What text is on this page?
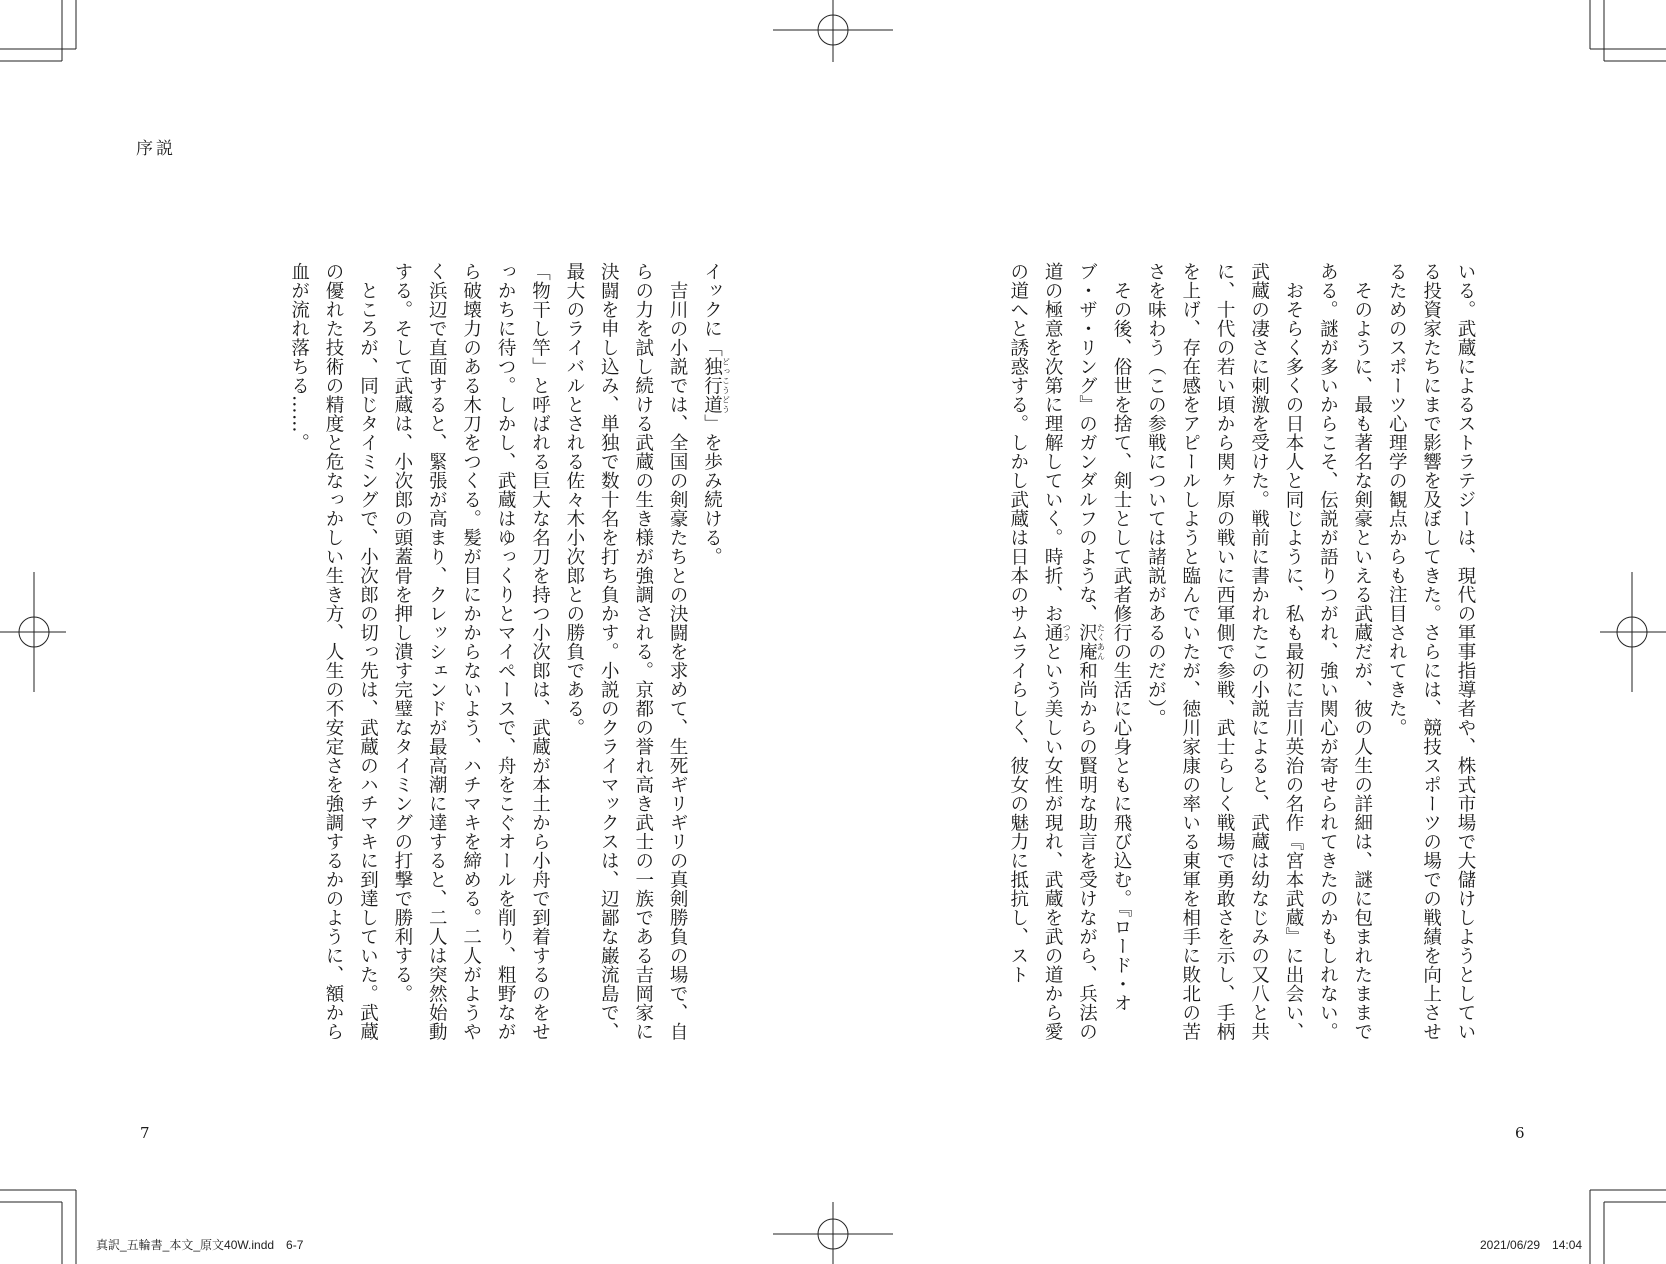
序説

いる。武蔵によるストラテジーは、現代の軍事指導者や、株式市場で大儲けしようとしている投資家たちにまで影響を及ぼしてきた。さらには、競技スポーツの場での戦績を向上させるためのスポーツ心理学の観点からも注目されてきた。

　そのように、最も著名な剣豪といえる武蔵だが、彼の人生の詳細は、謎に包まれたままである。謎が多いからこそ、伝説が語りつがれ、強い関心が寄せられてきたのかもしれない。

　おそらく多くの日本人と同じように、私も最初に吉川英治の名作『宮本武蔵』に出会い、武蔵の凄さに刺激を受けた。戦前に書かれたこの小説によると、武蔵は幼なじみの又八と共に、十代の若い頃から関ヶ原の戦いに西軍側で参戦、武士らしく戦場で勇敢さを示し、手柄を上げ、存在感をアピールしようと臨んでいたが、徳川家康の率いる東軍を相手に敗北の苦さを味わう（この参戦については諸説があるのだが）。

　その後、俗世を捨て、剣士として武者修行の生活に心身ともに飛び込む。『ロード・オブ・ザ・リング』のガンダルフのような、沢庵 たくあん和尚からの賢明な助言を受けながら、兵法の道の極意を次第に理解していく。時折、お通 つうという美しい女性が現れ、武蔵を武の道から愛の道へと誘惑する。しかし武蔵は日本のサムライらしく、彼女の魅力に抵抗し、スト

イックに「独行道 どっこうどう」を歩み続ける。

　吉川の小説では、全国の剣豪たちとの決闘を求めて、生死ギリギリの真剣勝負の場で、自らの力を試し続ける武蔵の生き様が強調される。京都の誉れ高き武士の一族である吉岡家に決闘を申し込み、単独で数十名を打ち負かす。小説のクライマックスは、辺鄙な巌流島で、最大のライバルとされる佐々木小次郎との勝負である。

「物干し竿」と呼ばれる巨大な名刀を持つ小次郎は、武蔵が本土から小舟で到着するのをせっかちに待つ。しかし、武蔵はゆっくりとマイペースで、舟をこぐオールを削り、粗野ながら破壊力のある木刀をつくる。髪が目にかからないよう、ハチマキを締める。二人がようやく浜辺で直面すると、緊張が高まり、クレッシェンドが最高潮に達すると、二人は突然始動する。そして武蔵は、小次郎の頭蓋骨を押し潰す完璧なタイミングの打撃で勝利する。

　ところが、同じタイミングで、小次郎の切っ先は、武蔵のハチマキに到達していた。武蔵の優れた技術の精度と危なっかしい生き方、人生の不安定さを強調するかのように、額から血が流れ落ちる……。

7	6
真訳_五輪書_本文_原文40W.indd　6-7	2021/06/29　14:04
